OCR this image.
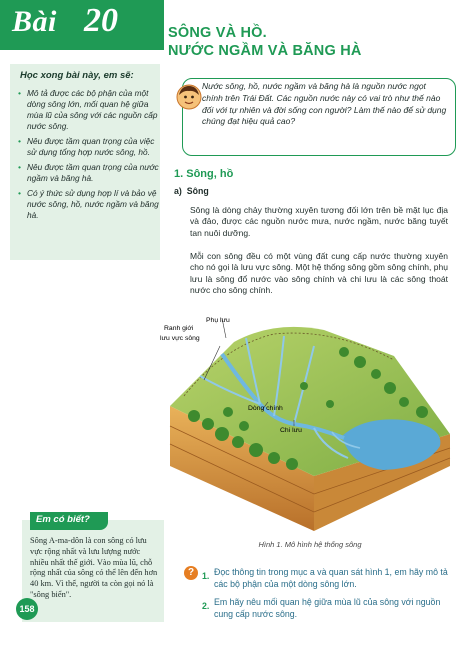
Bài 20
Học xong bài này, em sẽ:
• Mô tả được các bộ phận của một dòng sông lớn, mối quan hệ giữa mùa lũ của sông với các nguồn cấp nước sông.
• Nêu được tầm quan trọng của việc sử dụng tổng hợp nước sông, hồ.
• Nêu được tầm quan trọng của nước ngầm và băng hà.
• Có ý thức sử dụng hợp lí và bảo vệ nước sông, hồ, nước ngầm và băng hà.
Em có biết?
Sông A-ma-dôn là con sông có lưu vực rộng nhất và lưu lượng nước nhiều nhất thế giới. Vào mùa lũ, chỗ rộng nhất của sông có thể lên đến hơn 40 km. Vì thế, người ta còn gọi nó là "sông biển".
158
SÔNG VÀ HỒ.
NƯỚC NGẦM VÀ BĂNG HÀ
Nước sông, hồ, nước ngầm và băng hà là nguồn nước ngọt chính trên Trái Đất. Các nguồn nước này có vai trò như thế nào đối với tự nhiên và đời sống con người? Làm thế nào để sử dụng chúng đạt hiệu quả cao?
1. Sông, hồ
a) Sông
Sông là dòng chảy thường xuyên tương đối lớn trên bề mặt lục địa và đảo, được các nguồn nước mưa, nước ngầm, nước băng tuyết tan nuôi dưỡng.
Mỗi con sông đều có một vùng đất cung cấp nước thường xuyên cho nó gọi là lưu vực sông. Một hệ thống sông gồm sông chính, phụ lưu là sông đổ nước vào sông chính và chi lưu là các sông thoát nước cho sông chính.
Ranh giới
lưu vực sông
Phụ lưu
Dòng chính
Chi lưu
Hình 1. Mô hình hệ thống sông
? 1. Đọc thông tin trong mục a và quan sát hình 1, em hãy mô tả các bộ phận của một dòng sông lớn.
2. Em hãy nêu mối quan hệ giữa mùa lũ của sông với nguồn cung cấp nước sông.
